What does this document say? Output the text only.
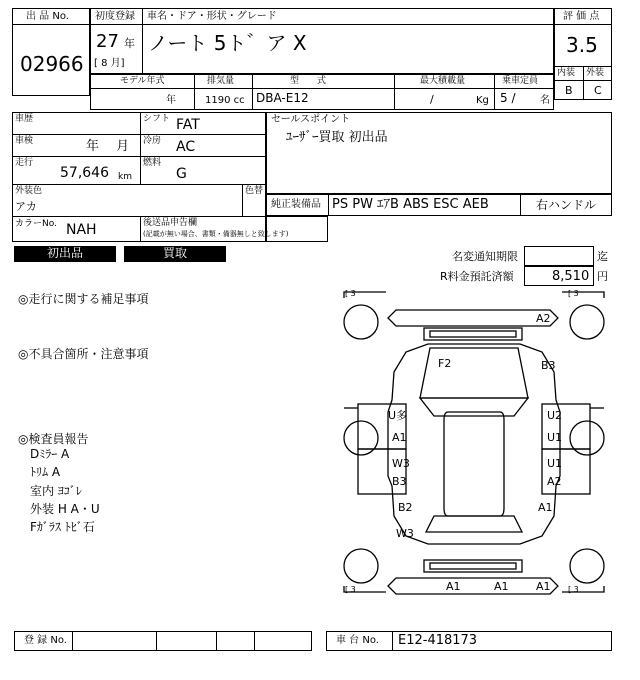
出 品 No.
02966
初度登録 車名・ドア・形状・グレード
27 年
[ 8 月]
ノート 5ト゛ア X
評 価 点
3.5
内装 外装
B C
モデル年式	排気量	型　　式	最大積載量	乗車定員
年	1190 cc DBA-E12	/	Kg 5 / 名
車歴	シフト FAT
車検	年　 月 冷房 AC
走行
57,646 km
燃料
G
外装色
アカ
色替
カラーNo. NAH	後送品申告欄
(記載が無い場合、書類・備器無しと致します)
セールスポイント
ﾕｰｻﾞｰ買取 初出品
純正装備品 PS PW ｴｱB ABS ESC AEB	右ハンドル
初出品	買取	名変通知期限	迄
R料金預託済額	8,510 円
◎走行に関する補足事項
◎不具合箇所・注意事項
◎検査員報告
Dﾐﾗｰ A
ﾄﾘﾑ A
室内 ﾖｺﾞﾚ
外装 H A・U
Fｶﾞﾗｽ ﾄﾋﾞ石
[ 3	[ 3
[ 3	[ 3
A2
F2	B3
U多
A1
U2
U1
W3
B3
U1
A2
B2
W3
A1
A1	A1 A1
登 録 No.	車 台 No. E12-418173
